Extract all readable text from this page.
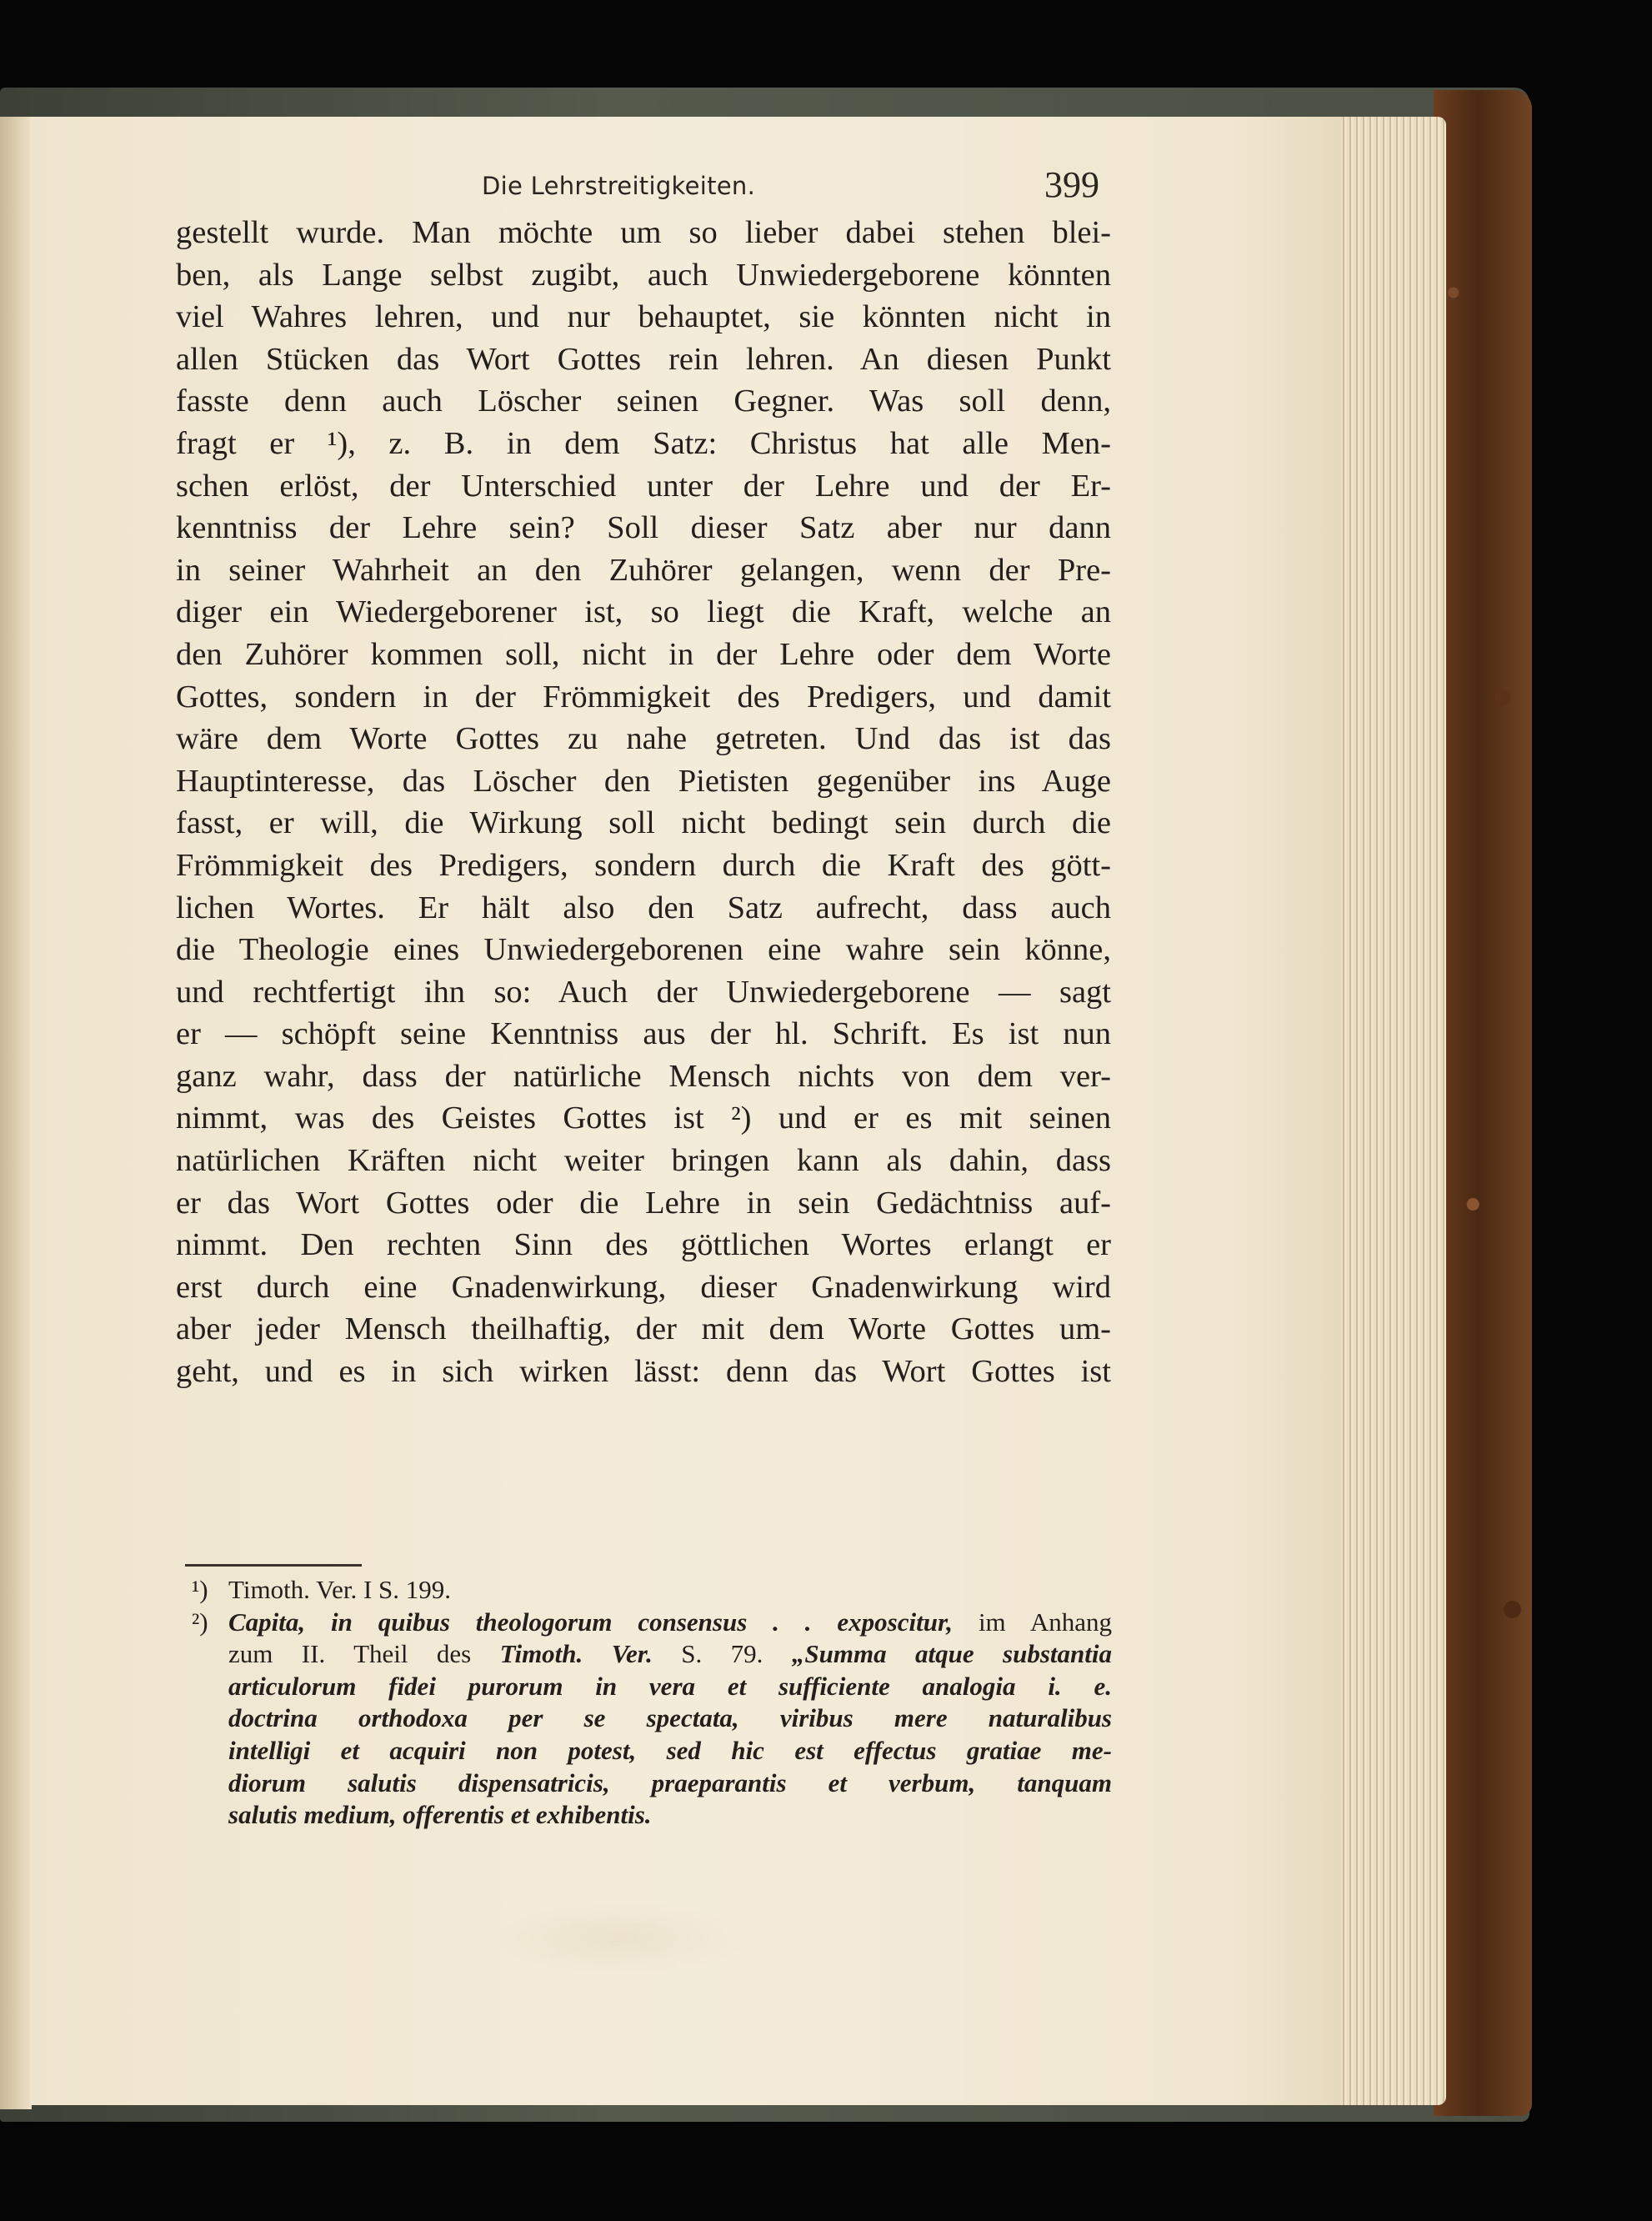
Die Lehrstreitigkeiten.	399
gestellt wurde. Man möchte um so lieber dabei stehen blei-
ben, als Lange selbst zugibt, auch Unwiedergeborene könnten
viel Wahres lehren, und nur behauptet, sie könnten nicht in
allen Stücken das Wort Gottes rein lehren. An diesen Punkt
fasste denn auch Löscher seinen Gegner. Was soll denn,
fragt er ¹), z. B. in dem Satz: Christus hat alle Men-
schen erlöst, der Unterschied unter der Lehre und der Er-
kenntniss der Lehre sein? Soll dieser Satz aber nur dann
in seiner Wahrheit an den Zuhörer gelangen, wenn der Pre-
diger ein Wiedergeborener ist, so liegt die Kraft, welche an
den Zuhörer kommen soll, nicht in der Lehre oder dem Worte
Gottes, sondern in der Frömmigkeit des Predigers, und damit
wäre dem Worte Gottes zu nahe getreten. Und das ist das
Hauptinteresse, das Löscher den Pietisten gegenüber ins Auge
fasst, er will, die Wirkung soll nicht bedingt sein durch die
Frömmigkeit des Predigers, sondern durch die Kraft des gött-
lichen Wortes. Er hält also den Satz aufrecht, dass auch
die Theologie eines Unwiedergeborenen eine wahre sein könne,
und rechtfertigt ihn so: Auch der Unwiedergeborene — sagt
er — schöpft seine Kenntniss aus der hl. Schrift. Es ist nun
ganz wahr, dass der natürliche Mensch nichts von dem ver-
nimmt, was des Geistes Gottes ist ²) und er es mit seinen
natürlichen Kräften nicht weiter bringen kann als dahin, dass
er das Wort Gottes oder die Lehre in sein Gedächtniss auf-
nimmt. Den rechten Sinn des göttlichen Wortes erlangt er
erst durch eine Gnadenwirkung, dieser Gnadenwirkung wird
aber jeder Mensch theilhaftig, der mit dem Worte Gottes um-
geht, und es in sich wirken lässt: denn das Wort Gottes ist
¹) Timoth. Ver. I S. 199.
²) Capita, in quibus theologorum consensus . . exposcitur, im Anhang
zum II. Theil des Timoth. Ver. S. 79. „Summa atque substantia
articulorum fidei purorum in vera et sufficiente analogia i. e.
doctrina orthodoxa per se spectata, viribus mere naturalibus
intelligi et acquiri non potest, sed hic est effectus gratiae me-
diorum salutis dispensatricis, praeparantis et verbum, tanquam
salutis medium, offerentis et exhibentis.
